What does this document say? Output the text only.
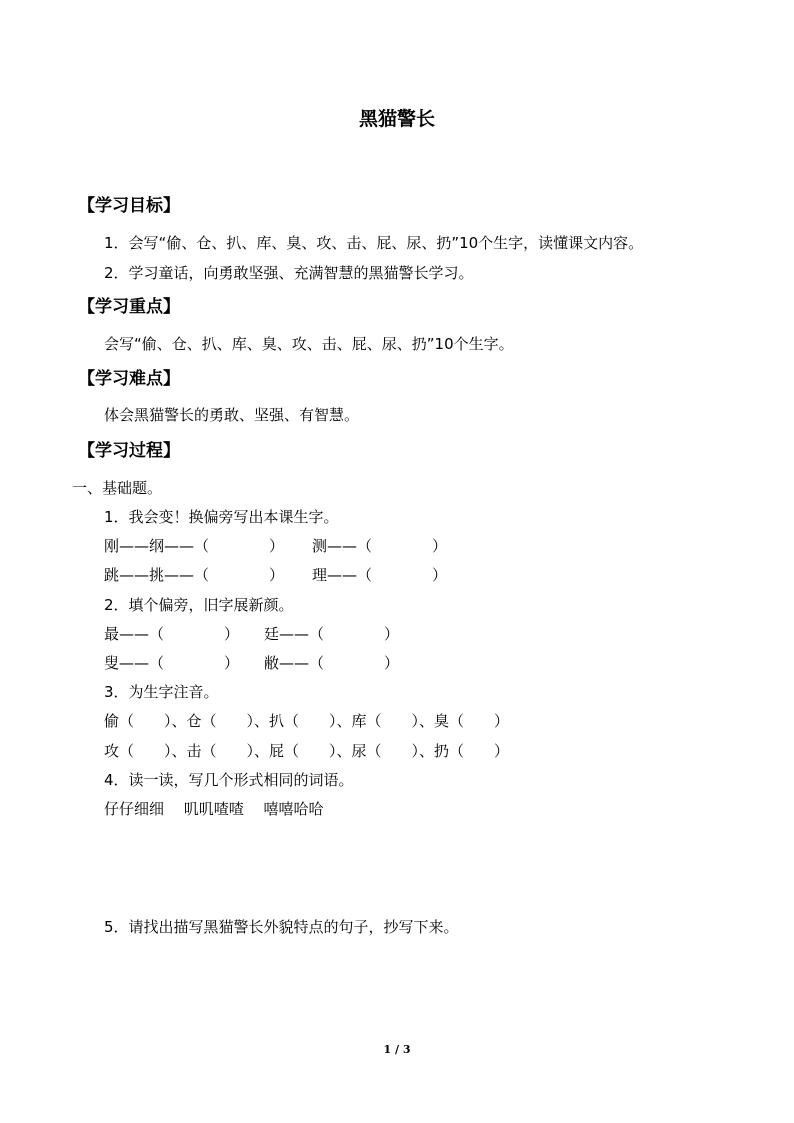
黑猫警长
【学习目标】
1．会写“偷、仓、扒、库、臭、攻、击、屁、尿、扔”10个生字，读懂课文内容。
2．学习童话，向勇敢坚强、充满智慧的黑猫警长学习。
【学习重点】
会写“偷、仓、扒、库、臭、攻、击、屁、尿、扔”10个生字。
【学习难点】
体会黑猫警长的勇敢、坚强、有智慧。
【学习过程】
一、基础题。
1．我会变！换偏旁写出本课生字。
刚——纲——（　　　　） 测——（　　　　）
跳——挑——（　　　　） 理——（　　　　）
2．填个偏旁，旧字展新颜。
最——（　　　　） 廷——（　　　　）
叟——（　　　　） 敝——（　　　　）
3．为生字注音。
偷（　　）、仓（　　）、扒（　　）、库（　　）、臭（　　）
攻（　　）、击（　　）、屁（　　）、尿（　　）、扔（　　）
4．读一读，写几个形式相同的词语。
仔仔细细　 叽叽喳喳　 嘻嘻哈哈
5．请找出描写黑猫警长外貌特点的句子，抄写下来。
1 / 3
